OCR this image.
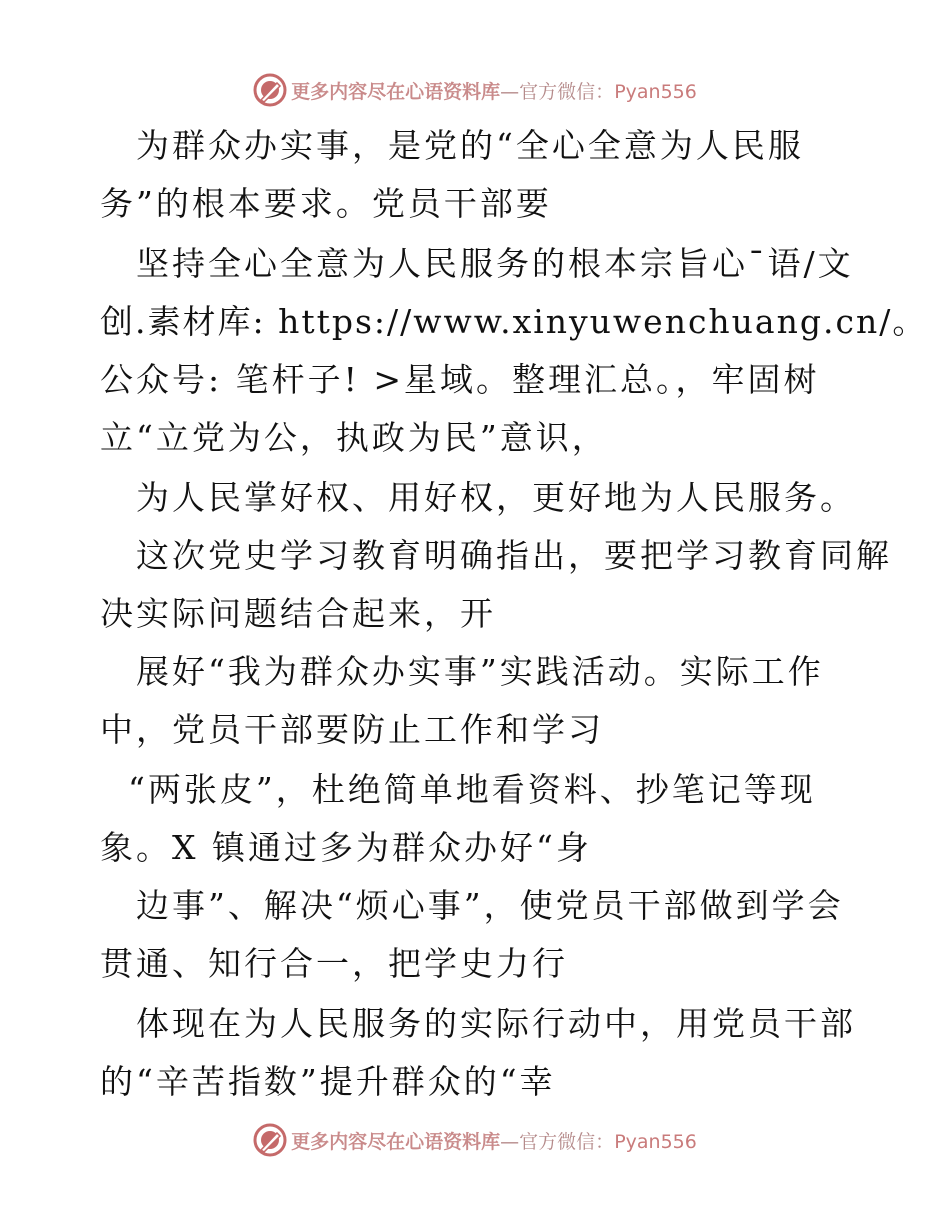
更多内容尽在心语资料库—官方微信：Pyan556
为群众办实事，是党的“全心全意为人民服
务”的根本要求。党员干部要
坚持全心全意为人民服务的根本宗旨心¯语/文
创.素材库: https://www.xinyuwenchuang.cn/。
公众号: 笔杆子! >星域。整理汇总。，牢固树
立“立党为公，执政为民”意识，
为人民掌好权、用好权，更好地为人民服务。
这次党史学习教育明确指出，要把学习教育同解
决实际问题结合起来，开
展好“我为群众办实事”实践活动。实际工作
中，党员干部要防止工作和学习
“两张皮”，杜绝简单地看资料、抄笔记等现
象。X 镇通过多为群众办好“身
边事”、解决“烦心事”，使党员干部做到学会
贯通、知行合一，把学史力行
体现在为人民服务的实际行动中，用党员干部
的“辛苦指数”提升群众的“幸
更多内容尽在心语资料库—官方微信：Pyan556
